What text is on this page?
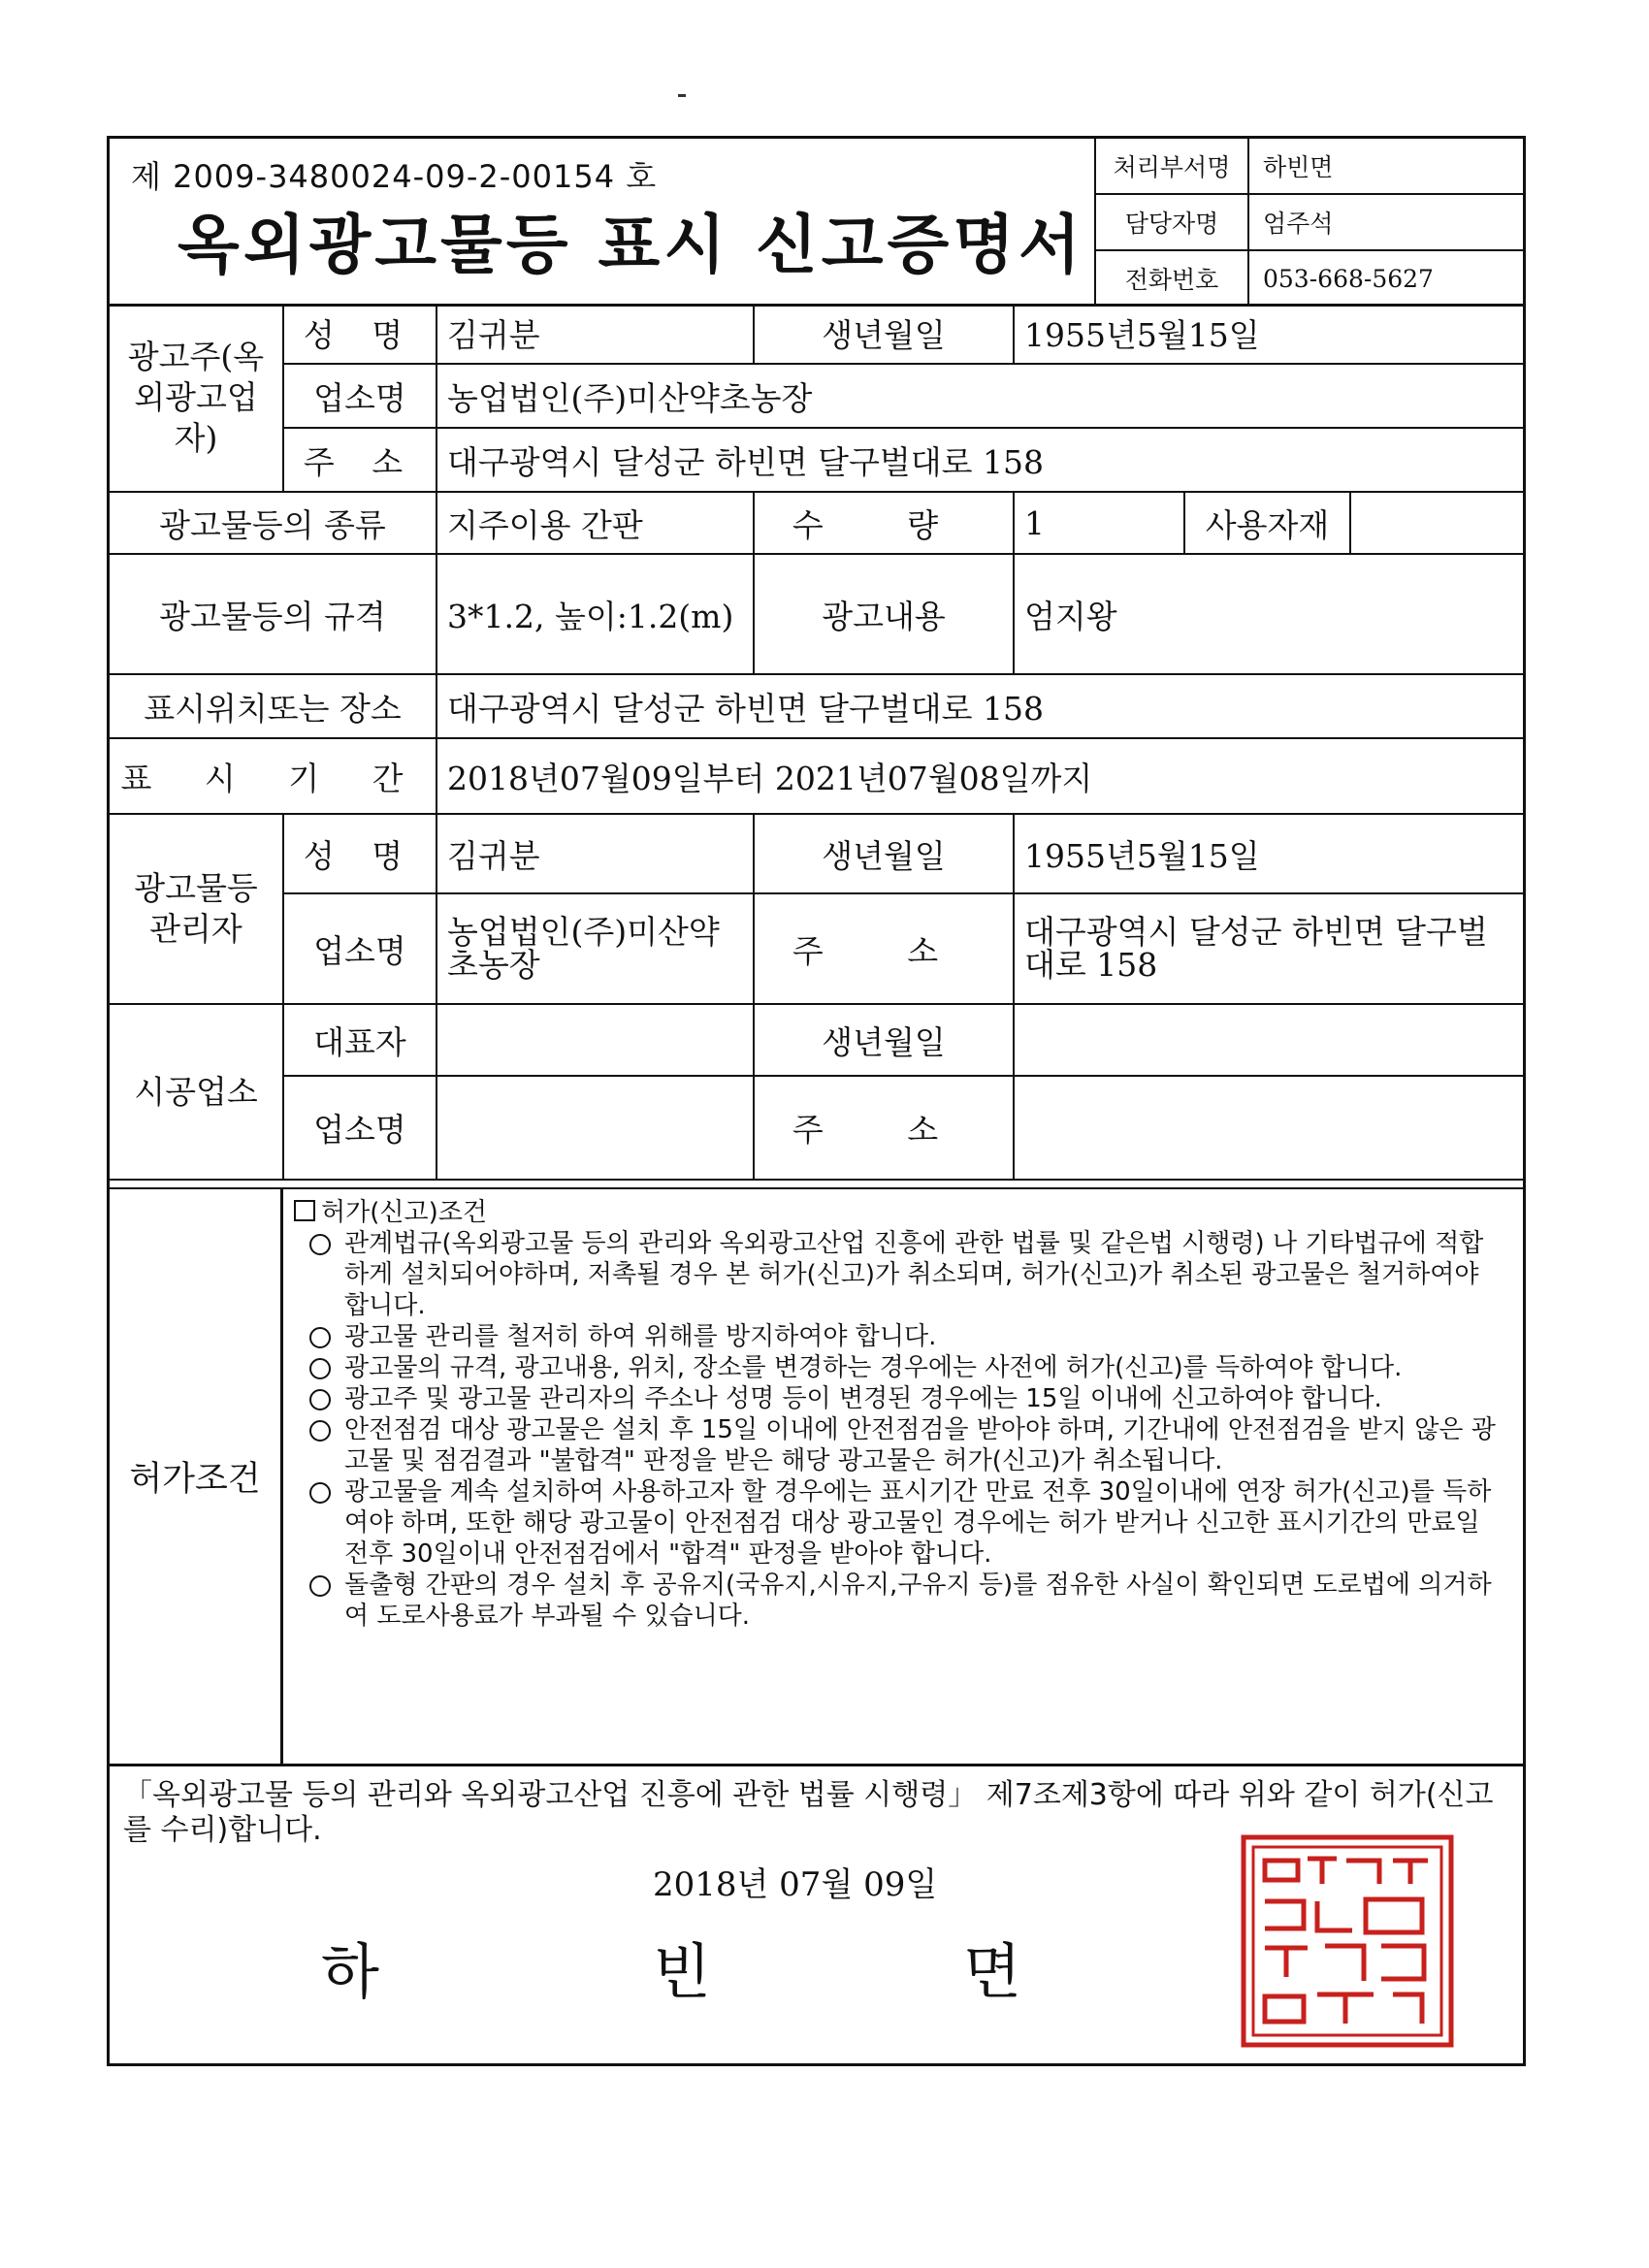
제 2009-3480024-09-2-00154 호
옥외광고물등 표시 신고증명서
처리부서명	하빈면
담당자명	엄주석
전화번호	053-668-5627
광고주(옥외광고업자)	성 명	김귀분	생년월일	1955년5월15일		
	업소명	농업법인(주)미산약초농장				
	주 소	대구광역시 달성군 하빈면 달구벌대로 158				
광고물등의 종류		지주이용 간판	수 량	1	사용자재	
광고물등의 규격		3*1.2, 높이:1.2(m)	광고내용	엄지왕		
표시위치또는 장소		대구광역시 달성군 하빈면 달구벌대로 158				
표 시 기 간		2018년07월09일부터 2021년07월08일까지				
광고물등 관리자	성 명	김귀분	생년월일	1955년5월15일		
	업소명	농업법인(주)미산약초농장	주 소	대구광역시 달성군 하빈면 달구벌대로 158		
시공업소	대표자		생년월일			
	업소명		주 소			
허가조건
허가(신고)조건

관계법규(옥외광고물 등의 관리와 옥외광고산업 진흥에 관한 법률 및 같은법 시행령) 나 기타법규에 적합하게 설치되어야하며, 저촉될 경우 본 허가(신고)가 취소되며, 허가(신고)가 취소된 광고물은 철거하여야 합니다.

광고물 관리를 철저히 하여 위해를 방지하여야 합니다.

광고물의 규격, 광고내용, 위치, 장소를 변경하는 경우에는 사전에 허가(신고)를 득하여야 합니다.

광고주 및 광고물 관리자의 주소나 성명 등이 변경된 경우에는 15일 이내에 신고하여야 합니다.

안전점검 대상 광고물은 설치 후 15일 이내에 안전점검을 받아야 하며, 기간내에 안전점검을 받지 않은 광고물 및 점검결과 "불합격" 판정을 받은 해당 광고물은 허가(신고)가 취소됩니다.

광고물을 계속 설치하여 사용하고자 할 경우에는 표시기간 만료 전후 30일이내에 연장 허가(신고)를 득하여야 하며, 또한 해당 광고물이 안전점검 대상 광고물인 경우에는 허가 받거나 신고한 표시기간의 만료일 전후 30일이내 안전점검에서 "합격" 판정을 받아야 합니다.

돌출형 간판의 경우 설치 후 공유지(국유지,시유지,구유지 등)를 점유한 사실이 확인되면 도로법에 의거하여 도로사용료가 부과될 수 있습니다.

「옥외광고물 등의 관리와 옥외광고산업 진흥에 관한 법률 시행령」 제7조제3항에 따라 위와 같이 허가(신고를 수리)합니다.
2018년 07월 09일
하	빈	면
